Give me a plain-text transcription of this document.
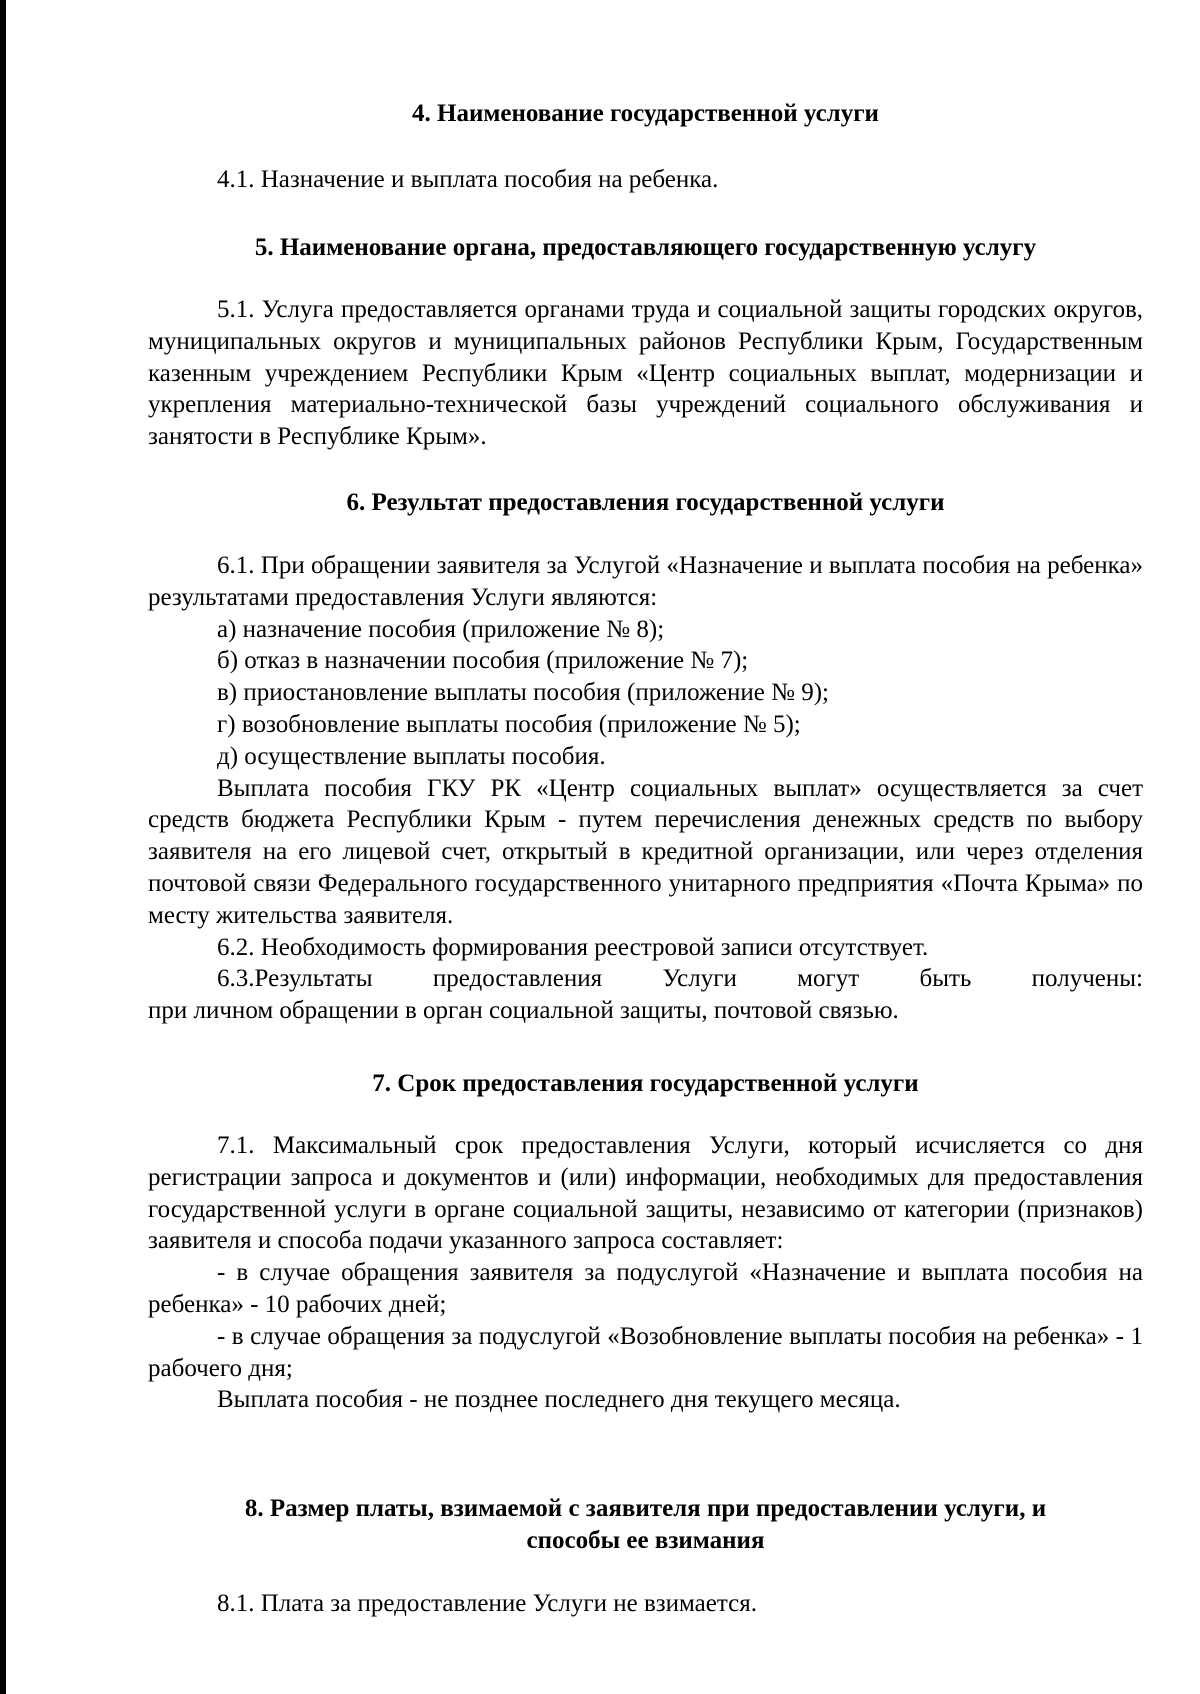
4. Наименование государственной услуги

4.1. Назначение и выплата пособия на ребенка.

5. Наименование органа, предоставляющего государственную услугу

5.1. Услуга предоставляется органами труда и социальной защиты городских округов, муниципальных округов и муниципальных районов Республики Крым, Государственным казенным учреждением Республики Крым «Центр социальных выплат, модернизации и укрепления материально-технической базы учреждений социального обслуживания и занятости в Республике Крым».

6. Результат предоставления государственной услуги

6.1. При обращении заявителя за Услугой «Назначение и выплата пособия на ребенка» результатами предоставления Услуги являются:

а) назначение пособия (приложение № 8);

б) отказ в назначении пособия (приложение № 7);

в) приостановление выплаты пособия (приложение № 9);

г) возобновление выплаты пособия (приложение № 5);

д) осуществление выплаты пособия.

Выплата пособия ГКУ РК «Центр социальных выплат» осуществляется за счет средств бюджета Республики Крым - путем перечисления денежных средств по выбору заявителя на его лицевой счет, открытый в кредитной организации, или через отделения почтовой связи Федерального государственного унитарного предприятия «Почта Крыма» по месту жительства заявителя.

6.2. Необходимость формирования реестровой записи отсутствует.

6.3.Результаты предоставления Услуги могут быть получены:

при личном обращении в орган социальной защиты, почтовой связью.

7. Срок предоставления государственной услуги

7.1. Максимальный срок предоставления Услуги, который исчисляется со дня регистрации запроса и документов и (или) информации, необходимых для предоставления государственной услуги в органе социальной защиты, независимо от категории (признаков) заявителя и способа подачи указанного запроса составляет:

- в случае обращения заявителя за подуслугой «Назначение и выплата пособия на ребенка» - 10 рабочих дней;

- в случае обращения за подуслугой «Возобновление выплаты пособия на ребенка» - 1 рабочего дня;

Выплата пособия - не позднее последнего дня текущего месяца.

8. Размер платы, взимаемой с заявителя при предоставлении услуги, и
способы ее взимания

8.1. Плата за предоставление Услуги не взимается.
